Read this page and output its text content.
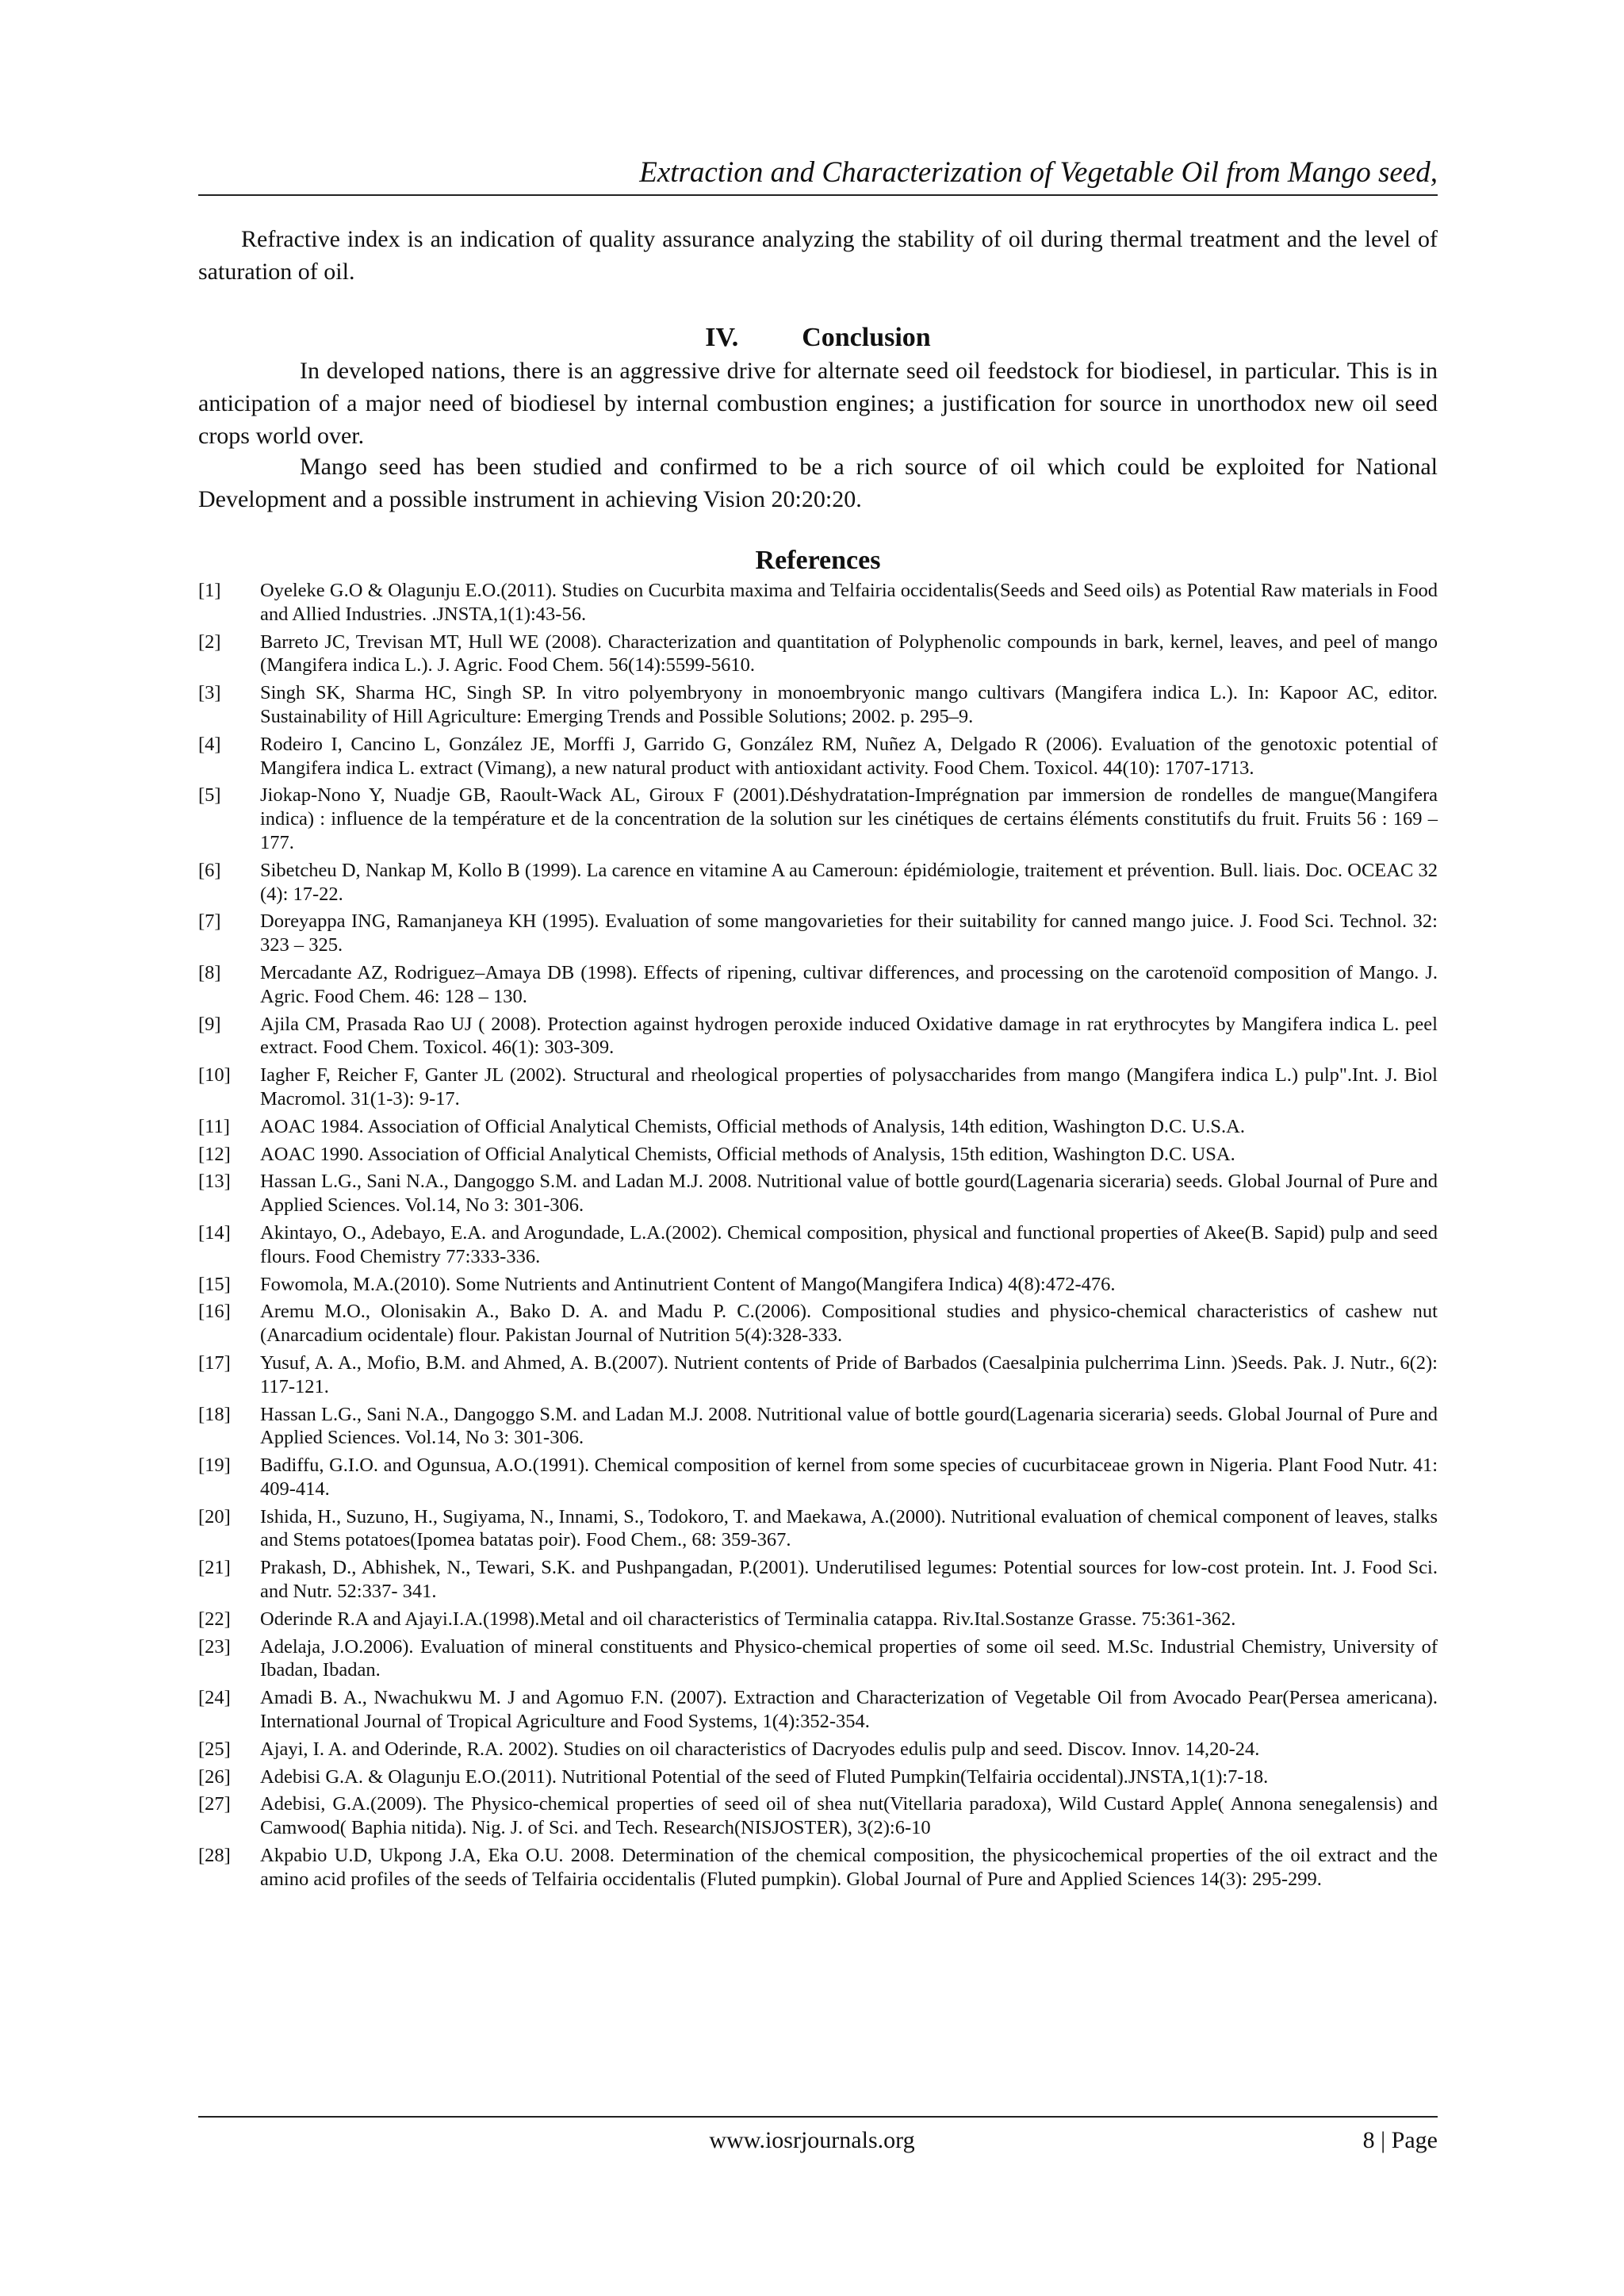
Extraction and Characterization of Vegetable Oil from Mango seed,

Refractive index is an indication of quality assurance analyzing the stability of oil during thermal treatment and the level of saturation of oil.

IV. Conclusion

In developed nations, there is an aggressive drive for alternate seed oil feedstock for biodiesel, in particular. This is in anticipation of a major need of biodiesel by internal combustion engines; a justification for source in unorthodox new oil seed crops world over.

Mango seed has been studied and confirmed to be a rich source of oil which could be exploited for National Development and a possible instrument in achieving Vision 20:20:20.

References
[1]	Oyeleke G.O & Olagunju E.O.(2011). Studies on Cucurbita maxima and Telfairia occidentalis(Seeds and Seed oils) as Potential Raw materials in Food and Allied Industries. .JNSTA,1(1):43-56.
[2]	Barreto JC, Trevisan MT, Hull WE (2008). Characterization and quantitation of Polyphenolic compounds in bark, kernel, leaves, and peel of mango (Mangifera indica L.). J. Agric. Food Chem. 56(14):5599-5610.
[3]	Singh SK, Sharma HC, Singh SP. In vitro polyembryony in monoembryonic mango cultivars (Mangifera indica L.). In: Kapoor AC, editor. Sustainability of Hill Agriculture: Emerging Trends and Possible Solutions; 2002. p. 295–9.
[4]	Rodeiro I, Cancino L, González JE, Morffi J, Garrido G, González RM, Nuñez A, Delgado R (2006). Evaluation of the genotoxic potential of Mangifera indica L. extract (Vimang), a new natural product with antioxidant activity. Food Chem. Toxicol. 44(10): 1707-1713.
[5]	Jiokap-Nono Y, Nuadje GB, Raoult-Wack AL, Giroux F (2001).Déshydratation-Imprégnation par immersion de rondelles de mangue(Mangifera indica) : influence de la température et de la concentration de la solution sur les cinétiques de certains éléments constitutifs du fruit. Fruits 56 : 169 – 177.
[6]	Sibetcheu D, Nankap M, Kollo B (1999). La carence en vitamine A au Cameroun: épidémiologie, traitement et prévention. Bull. liais. Doc. OCEAC 32 (4): 17-22.
[7]	Doreyappa ING, Ramanjaneya KH (1995). Evaluation of some mangovarieties for their suitability for canned mango juice. J. Food Sci. Technol. 32: 323 – 325.
[8]	Mercadante AZ, Rodriguez–Amaya DB (1998). Effects of ripening, cultivar differences, and processing on the carotenoïd composition of Mango. J. Agric. Food Chem. 46: 128 – 130.
[9]	Ajila CM, Prasada Rao UJ ( 2008). Protection against hydrogen peroxide induced Oxidative damage in rat erythrocytes by Mangifera indica L. peel extract. Food Chem. Toxicol. 46(1): 303-309.
[10]	Iagher F, Reicher F, Ganter JL (2002). Structural and rheological properties of polysaccharides from mango (Mangifera indica L.) pulp".Int. J. Biol Macromol. 31(1-3): 9-17.
[11]	AOAC 1984. Association of Official Analytical Chemists, Official methods of Analysis, 14th edition, Washington D.C. U.S.A.
[12]	AOAC 1990. Association of Official Analytical Chemists, Official methods of Analysis, 15th edition, Washington D.C. USA.
[13]	Hassan L.G., Sani N.A., Dangoggo S.M. and Ladan M.J. 2008. Nutritional value of bottle gourd(Lagenaria siceraria) seeds. Global Journal of Pure and Applied Sciences. Vol.14, No 3: 301-306.
[14]	Akintayo, O., Adebayo, E.A. and Arogundade, L.A.(2002). Chemical composition, physical and functional properties of Akee(B. Sapid) pulp and seed flours. Food Chemistry 77:333-336.
[15]	Fowomola, M.A.(2010). Some Nutrients and Antinutrient Content of Mango(Mangifera Indica) 4(8):472-476.
[16]	Aremu M.O., Olonisakin A., Bako D. A. and Madu P. C.(2006). Compositional studies and physico-chemical characteristics of cashew nut (Anarcadium ocidentale) flour. Pakistan Journal of Nutrition 5(4):328-333.
[17]	Yusuf, A. A., Mofio, B.M. and Ahmed, A. B.(2007). Nutrient contents of Pride of Barbados (Caesalpinia pulcherrima Linn. )Seeds. Pak. J. Nutr., 6(2): 117-121.
[18]	Hassan L.G., Sani N.A., Dangoggo S.M. and Ladan M.J. 2008. Nutritional value of bottle gourd(Lagenaria siceraria) seeds. Global Journal of Pure and Applied Sciences. Vol.14, No 3: 301-306.
[19]	Badiffu, G.I.O. and Ogunsua, A.O.(1991). Chemical composition of kernel from some species of cucurbitaceae grown in Nigeria. Plant Food Nutr. 41: 409-414.
[20]	Ishida, H., Suzuno, H., Sugiyama, N., Innami, S., Todokoro, T. and Maekawa, A.(2000). Nutritional evaluation of chemical component of leaves, stalks and Stems potatoes(Ipomea batatas poir). Food Chem., 68: 359-367.
[21]	Prakash, D., Abhishek, N., Tewari, S.K. and Pushpangadan, P.(2001). Underutilised legumes: Potential sources for low-cost protein. Int. J. Food Sci. and Nutr. 52:337- 341.
[22]	Oderinde R.A and Ajayi.I.A.(1998).Metal and oil characteristics of Terminalia catappa. Riv.Ital.Sostanze Grasse. 75:361-362.
[23]	Adelaja, J.O.2006). Evaluation of mineral constituents and Physico-chemical properties of some oil seed. M.Sc. Industrial Chemistry, University of Ibadan, Ibadan.
[24]	Amadi B. A., Nwachukwu M. J and Agomuo F.N. (2007). Extraction and Characterization of Vegetable Oil from Avocado Pear(Persea americana). International Journal of Tropical Agriculture and Food Systems, 1(4):352-354.
[25]	Ajayi, I. A. and Oderinde, R.A. 2002). Studies on oil characteristics of Dacryodes edulis pulp and seed. Discov. Innov. 14,20-24.
[26]	Adebisi G.A. & Olagunju E.O.(2011). Nutritional Potential of the seed of Fluted Pumpkin(Telfairia occidental).JNSTA,1(1):7-18.
[27]	Adebisi, G.A.(2009). The Physico-chemical properties of seed oil of shea nut(Vitellaria paradoxa), Wild Custard Apple( Annona senegalensis) and Camwood( Baphia nitida). Nig. J. of Sci. and Tech. Research(NISJOSTER), 3(2):6-10
[28]	Akpabio U.D, Ukpong J.A, Eka O.U. 2008. Determination of the chemical composition, the physicochemical properties of the oil extract and the amino acid profiles of the seeds of Telfairia occidentalis (Fluted pumpkin). Global Journal of Pure and Applied Sciences 14(3): 295-299.
www.iosrjournals.org	8 | Page
